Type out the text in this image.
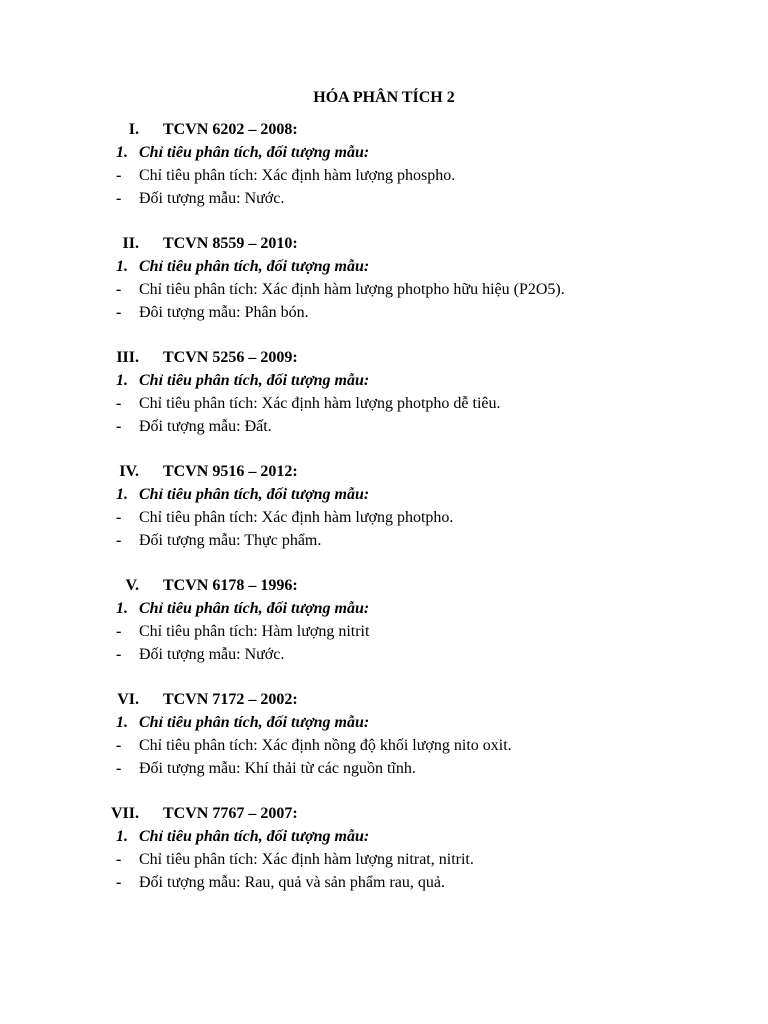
HÓA PHÂN TÍCH 2
I. TCVN 6202 – 2008:
1. Chỉ tiêu phân tích, đối tượng mẫu:
- Chỉ tiêu phân tích: Xác định hàm lượng phospho.
- Đối tượng mẫu: Nước.
II. TCVN 8559 – 2010:
1. Chỉ tiêu phân tích, đối tượng mẫu:
- Chỉ tiêu phân tích: Xác định hàm lượng photpho hữu hiệu (P2O5).
- Đôi tượng mẫu: Phân bón.
III. TCVN 5256 – 2009:
1. Chỉ tiêu phân tích, đối tượng mẫu:
- Chỉ tiêu phân tích: Xác định hàm lượng photpho dễ tiêu.
- Đối tượng mẫu: Đất.
IV. TCVN 9516 – 2012:
1. Chỉ tiêu phân tích, đối tượng mẫu:
- Chỉ tiêu phân tích: Xác định hàm lượng photpho.
- Đối tượng mẫu: Thực phẩm.
V. TCVN 6178 – 1996:
1. Chỉ tiêu phân tích, đối tượng mẫu:
- Chỉ tiêu phân tích: Hàm lượng nitrit
- Đối tượng mẫu: Nước.
VI. TCVN 7172 – 2002:
1. Chỉ tiêu phân tích, đối tượng mẫu:
- Chỉ tiêu phân tích: Xác định nồng độ khối lượng nito oxit.
- Đối tượng mẫu: Khí thải từ các nguồn tĩnh.
VII. TCVN 7767 – 2007:
1. Chỉ tiêu phân tích, đối tượng mẫu:
- Chỉ tiêu phân tích: Xác định hàm lượng nitrat, nitrit.
- Đối tượng mẫu: Rau, quả và sản phẩm rau, quả.
